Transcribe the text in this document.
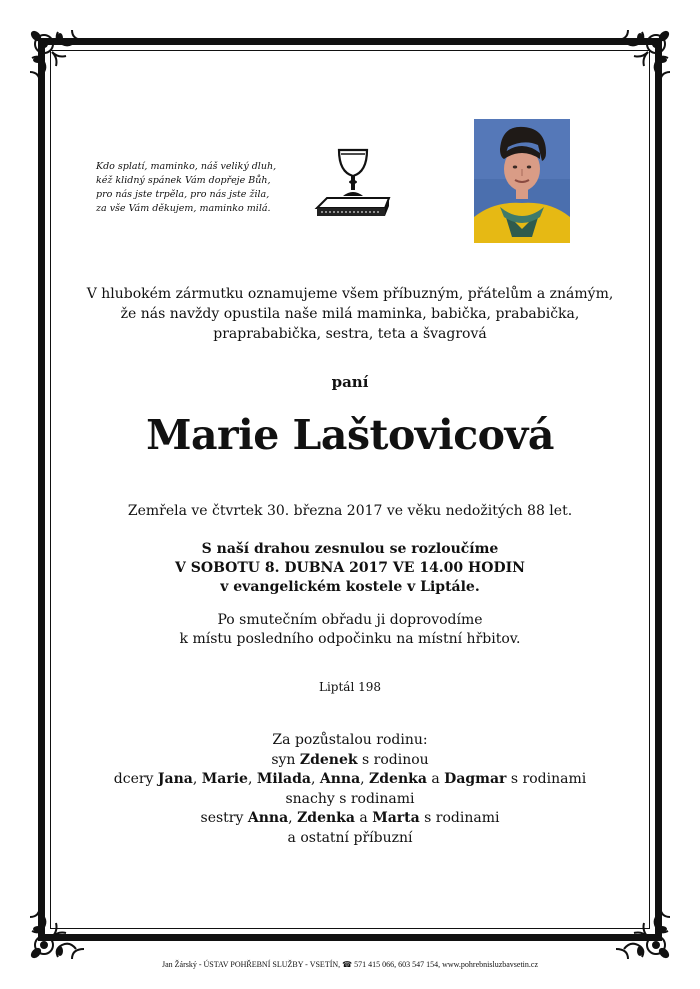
Kdo splatí, maminko, náš veliký dluh,
kéž klidný spánek Vám dopřeje Bůh,
pro nás jste trpěla, pro nás jste žila,
za vše Vám děkujem, maminko milá.
V hlubokém zármutku oznamujeme všem příbuzným, přátelům a známým,
že nás navždy opustila naše milá maminka, babička, prababička,
praprababička, sestra, teta a švagrová
paní
Marie Laštovicová
Zemřela ve čtvrtek 30. března 2017 ve věku nedožitých 88 let.
S naší drahou zesnulou se rozloučíme
V SOBOTU 8. DUBNA 2017 VE 14.00 HODIN
v evangelickém kostele v Liptále.
Po smutečním obřadu ji doprovodíme
k místu posledního odpočinku na místní hřbitov.
Liptál 198
Za pozůstalou rodinu:
syn Zdenek s rodinou
dcery Jana, Marie, Milada, Anna, Zdenka a Dagmar s rodinami
snachy s rodinami
sestry Anna, Zdenka a Marta s rodinami
a ostatní příbuzní
Jan Žárský - ÚSTAV POHŘEBNÍ SLUŽBY - VSETÍN, ☎ 571 415 066, 603 547 154, www.pohrebnisluzbavsetin.cz
